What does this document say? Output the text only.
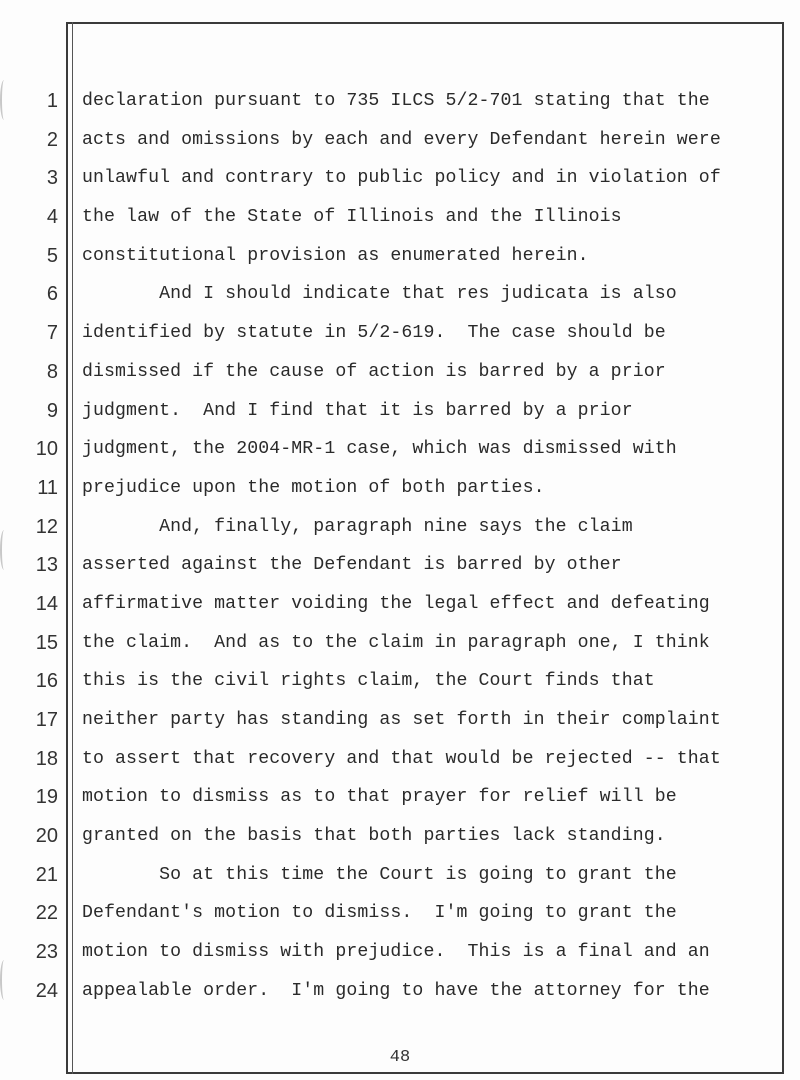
1
2
3
4
5
6
7
8
9
10
11
12
13
14
15
16
17
18
19
20
21
22
23
24
declaration pursuant to 735 ILCS 5/2-701 stating that the
acts and omissions by each and every Defendant herein were
unlawful and contrary to public policy and in violation of
the law of the State of Illinois and the Illinois
constitutional provision as enumerated herein.
And I should indicate that res judicata is also
identified by statute in 5/2-619.  The case should be
dismissed if the cause of action is barred by a prior
judgment.  And I find that it is barred by a prior
judgment, the 2004-MR-1 case, which was dismissed with
prejudice upon the motion of both parties.
And, finally, paragraph nine says the claim
asserted against the Defendant is barred by other
affirmative matter voiding the legal effect and defeating
the claim.  And as to the claim in paragraph one, I think
this is the civil rights claim, the Court finds that
neither party has standing as set forth in their complaint
to assert that recovery and that would be rejected -- that
motion to dismiss as to that prayer for relief will be
granted on the basis that both parties lack standing.
So at this time the Court is going to grant the
Defendant's motion to dismiss.  I'm going to grant the
motion to dismiss with prejudice.  This is a final and an
appealable order.  I'm going to have the attorney for the
48
